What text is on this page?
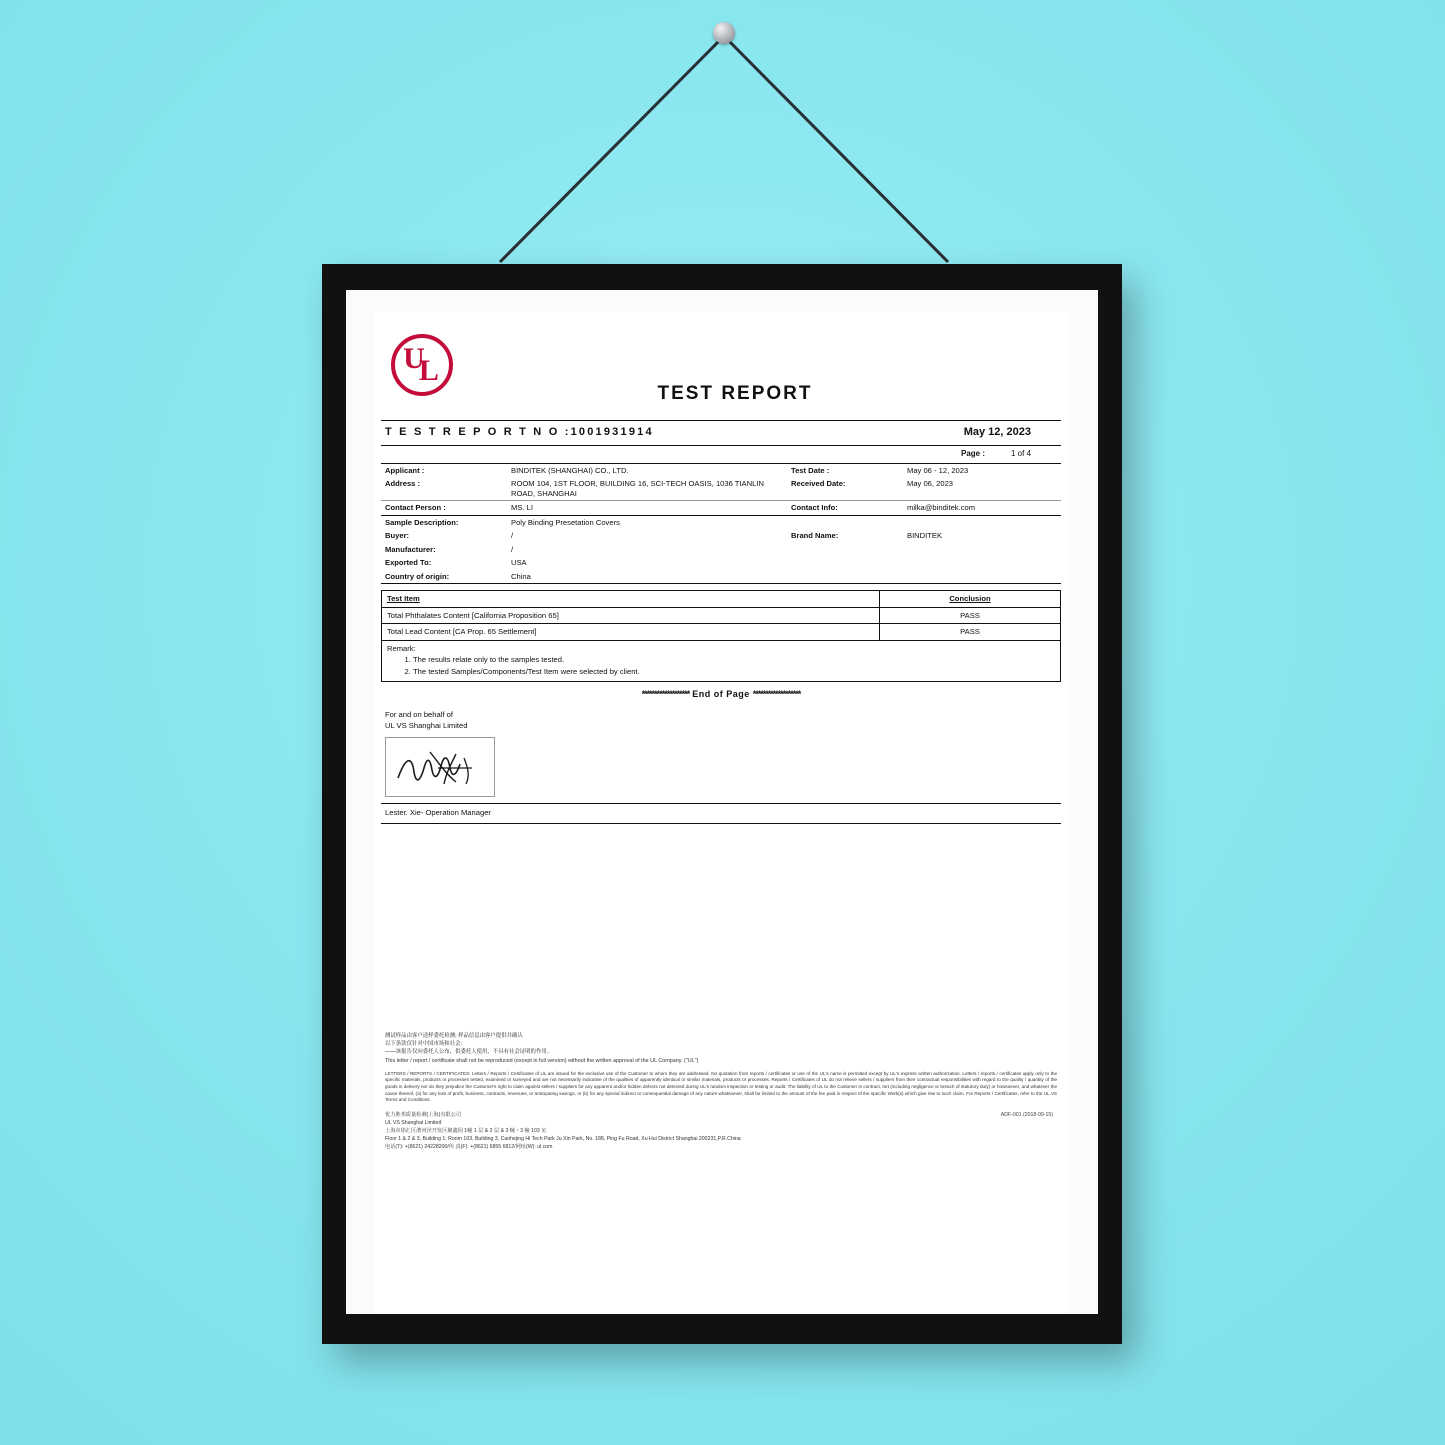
U
L
TEST REPORT
T E S T R E P O R T N O : 1001931914	May 12, 2023
Page :	1 of 4
Applicant :	BINDITEK (SHANGHAI) CO., LTD.	Test Date :	May 06 - 12, 2023
Address :	ROOM 104, 1ST FLOOR, BUILDING 16, SCI-TECH OASIS, 1036 TIANLIN ROAD, SHANGHAI	Received Date:	May 06, 2023
Contact Person :	MS. LI	Contact Info:	milka@binditek.com
Sample Description:	Poly Binding Presetation Covers		
Buyer:	/	Brand Name:	BINDITEK
Manufacturer:	/		
Exported To:	USA		
Country of origin:	China		
Test Item	Conclusion
Total Phthalates Content [California Proposition 65]	PASS
Total Lead Content [CA Prop. 65 Settlement]	PASS

Remark:
1. The results relate only to the samples tested.
2. The tested Samples/Components/Test Item were selected by client.
******************* End of Page *******************
For and on behalf of
UL VS Shanghai Limited
Lester. Xie- Operation Manager
测试样品由客户送样委托检测; 样品信息由客户提供并确认
以下条款仅针对中国市场和社会：
——该报告仅向委托人公布，供委托人使用，不具有社会证明的作用。
This letter / report / certificate shall not be reproduced (except in full version) without the written approval of the UL Company. ("UL")
LETTERS / REPORTS / CERTIFICATES: Letters / Reports / Certificates of UL are issued for the exclusive use of the Customer to whom they are addressed. No quotation from reports / certificates or use of the UL's name is permitted except by UL's express written authorization. Letters / reports / certificates apply only to the specific materials, products or processes tested, examined or surveyed and are not necessarily indicative of the qualities of apparently identical or similar materials, products or processes. Reports / Certificates of UL do not relieve sellers / suppliers from their contractual responsibilities with regard to the quality / quantity of the goods in delivery nor do they prejudice the Customer's right to claim against sellers / suppliers for any apparent and/or hidden defects not detected during UL's random inspection or testing or audit. The liability of UL to the Customer in contract, tort (including negligence or breach of statutory duty) or howsoever, and whatever the cause thereof, (a) for any loss of profit, business, contracts, revenues, or anticipating savings, or (b) for any special indirect or consequential damage of any nature whatsoever, shall be limited to the amount of the fee paid in respect of the specific Work(s) which give rise to such claim. For Reports / Certificates, refer to the UL VS Terms and Conditions.
ADF-001 (2018-09-15)
优力胜邦质量检测(上海)有限公司
UL VS Shanghai Limited
上海市徐汇区漕河泾开发区聚鑫园 1幢 1 层 & 2 层 & 3 幢・3 幢 103 室
Floor 1 & 2 & 3, Building 1; Room 103, Building 3, Caohejing Hi Tech Park Ju Xin Park, No. 188, Ping Fu Road, Xu Hui District Shanghai 200231,P.R.China
电话(T): +(8621) 24228200/传 真(F): +(8621) 6855 6812/网址(W): ul.com
